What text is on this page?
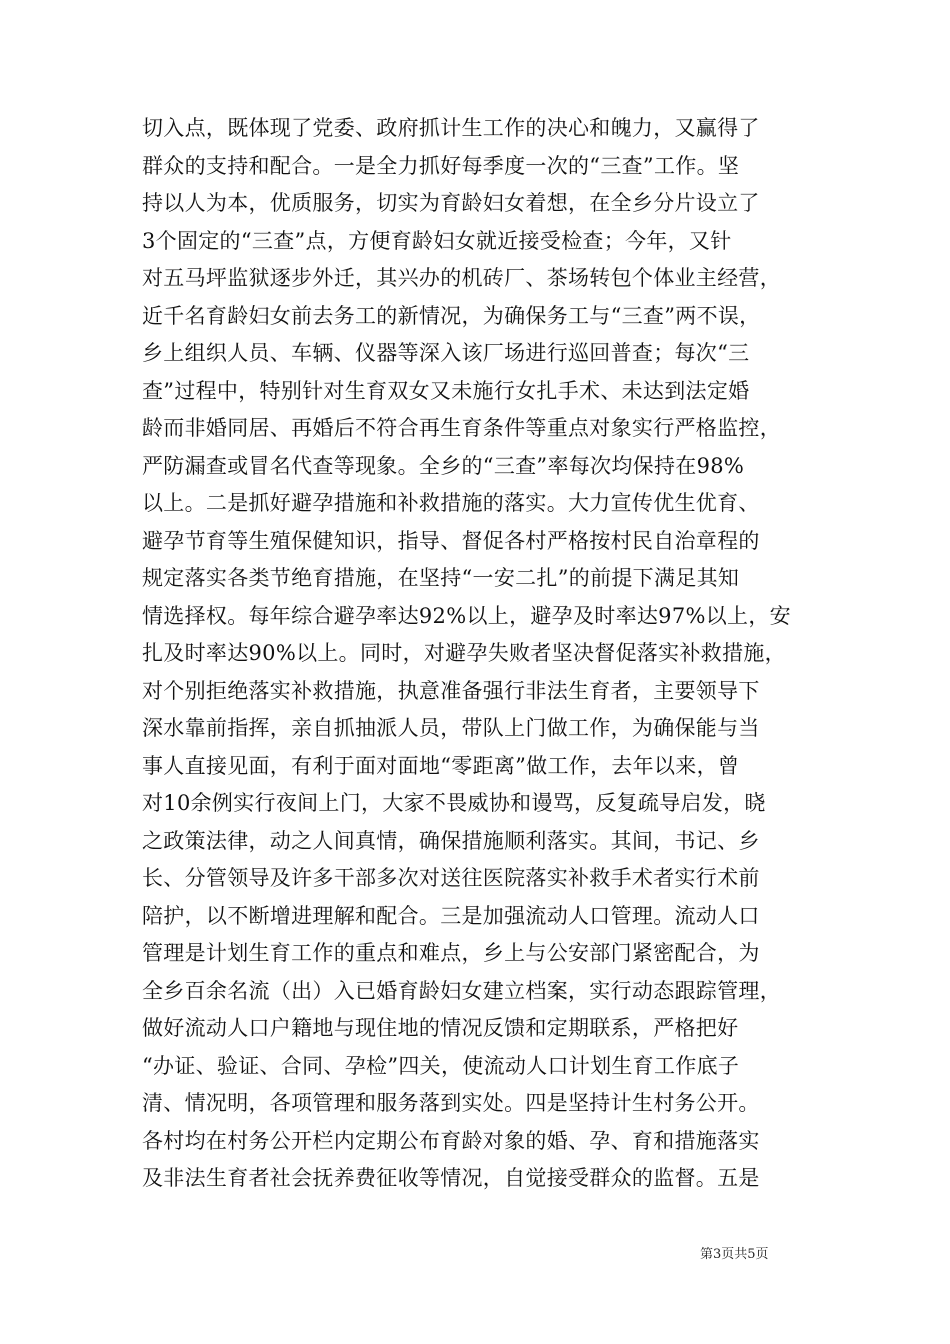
切入点，既体现了党委、政府抓计生工作的决心和魄力，又赢得了
群众的支持和配合。一是全力抓好每季度一次的“三查”工作。坚
持以人为本，优质服务，切实为育龄妇女着想，在全乡分片设立了
3个固定的“三查”点，方便育龄妇女就近接受检查；今年，又针
对五马坪监狱逐步外迁，其兴办的机砖厂、茶场转包个体业主经营，
近千名育龄妇女前去务工的新情况，为确保务工与“三查”两不误，
乡上组织人员、车辆、仪器等深入该厂场进行巡回普查；每次“三
查”过程中，特别针对生育双女又未施行女扎手术、未达到法定婚
龄而非婚同居、再婚后不符合再生育条件等重点对象实行严格监控，
严防漏查或冒名代查等现象。全乡的“三查”率每次均保持在98%
以上。二是抓好避孕措施和补救措施的落实。大力宣传优生优育、
避孕节育等生殖保健知识，指导、督促各村严格按村民自治章程的
规定落实各类节绝育措施，在坚持“一安二扎”的前提下满足其知
情选择权。每年综合避孕率达92%以上，避孕及时率达97%以上，安
扎及时率达90%以上。同时，对避孕失败者坚决督促落实补救措施，
对个别拒绝落实补救措施，执意准备强行非法生育者，主要领导下
深水靠前指挥，亲自抓抽派人员，带队上门做工作，为确保能与当
事人直接见面，有利于面对面地“零距离”做工作，去年以来，曾
对10余例实行夜间上门，大家不畏威协和谩骂，反复疏导启发，晓
之政策法律，动之人间真情，确保措施顺利落实。其间，书记、乡
长、分管领导及许多干部多次对送往医院落实补救手术者实行术前
陪护，以不断增进理解和配合。三是加强流动人口管理。流动人口
管理是计划生育工作的重点和难点，乡上与公安部门紧密配合，为
全乡百余名流（出）入已婚育龄妇女建立档案，实行动态跟踪管理，
做好流动人口户籍地与现住地的情况反馈和定期联系，严格把好
“办证、验证、合同、孕检”四关，使流动人口计划生育工作底子
清、情况明，各项管理和服务落到实处。四是坚持计生村务公开。
各村均在村务公开栏内定期公布育龄对象的婚、孕、育和措施落实
及非法生育者社会抚养费征收等情况，自觉接受群众的监督。五是
第3页共5页
